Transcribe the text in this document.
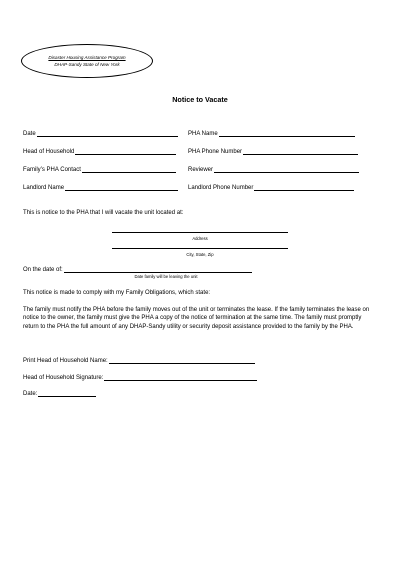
Disaster Housing Assistance Program
DHAP-Sandy State of New York
Notice to Vacate
Date	PHA Name
Head of Household	PHA Phone Number
Family’s PHA Contact	Reviewer
Landlord Name	Landlord Phone Number
This is notice to the PHA that I will vacate the unit located at:
Address
City, State, Zip
On the date of:
Date family will be leaving the unit
This notice is made to comply with my Family Obligations, which state:
The family must notify the PHA before the family moves out of the unit or terminates the lease. If the family terminates the lease on notice to the owner, the family must give the PHA a copy of the notice of termination at the same time. The family must promptly return to the PHA the full amount of any DHAP-Sandy utility or security deposit assistance provided to the family by the PHA.
Print Head of Household Name:
Head of Household Signature:
Date:
